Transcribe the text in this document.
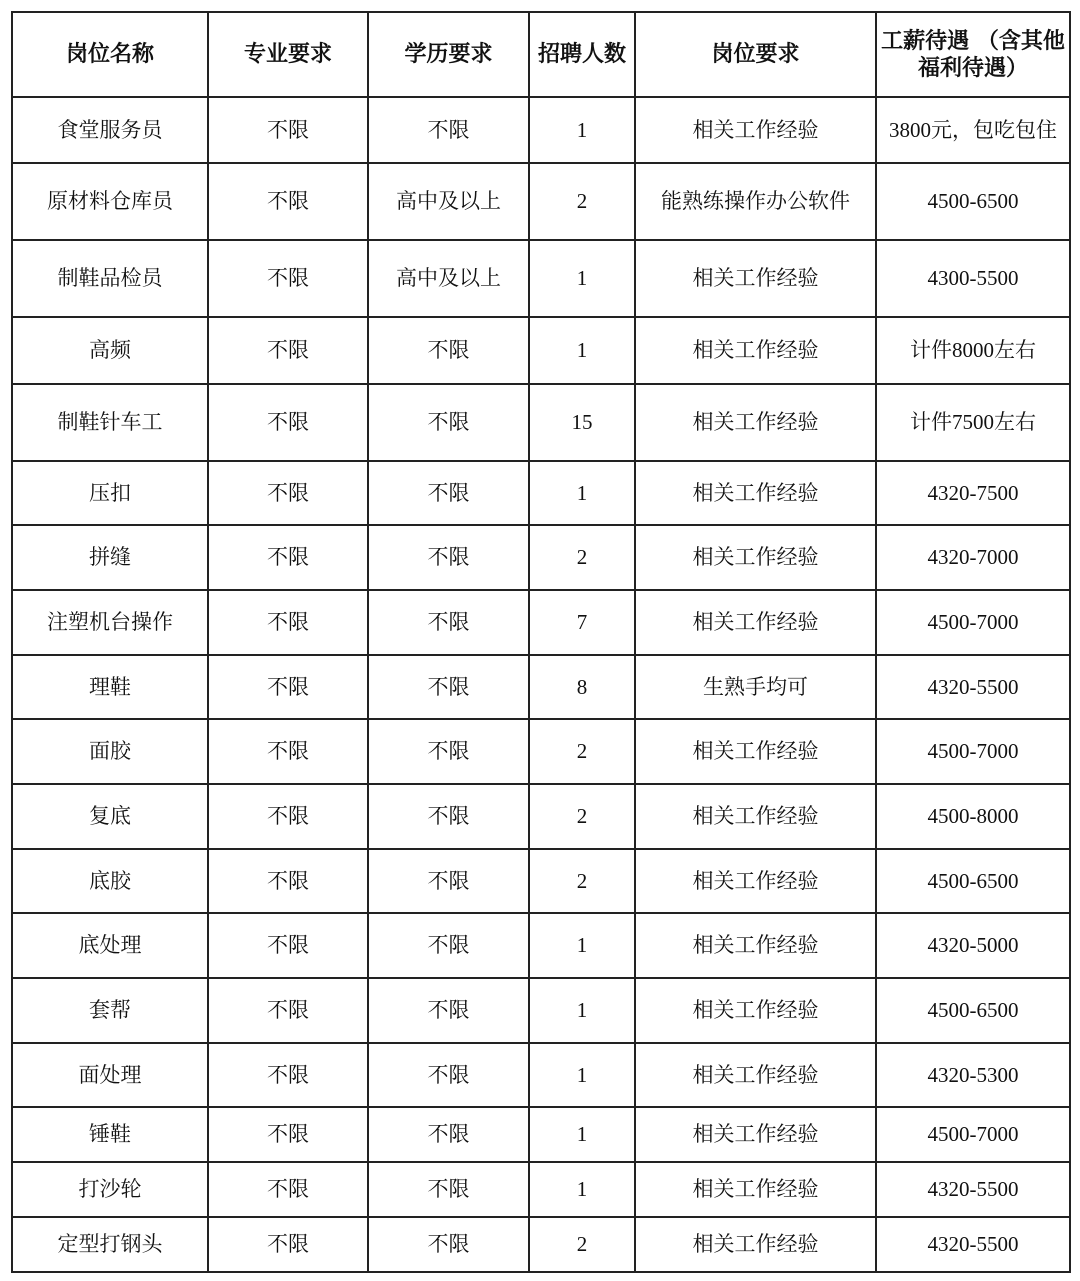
岗位名称	专业要求	学历要求	招聘人数	岗位要求	工薪待遇 （含其他福利待遇）
食堂服务员	不限	不限	1	相关工作经验	3800元，包吃包住
原材料仓库员	不限	高中及以上	2	能熟练操作办公软件	4500-6500
制鞋品检员	不限	高中及以上	1	相关工作经验	4300-5500
高频	不限	不限	1	相关工作经验	计件8000左右
制鞋针车工	不限	不限	15	相关工作经验	计件7500左右
压扣	不限	不限	1	相关工作经验	4320-7500
拼缝	不限	不限	2	相关工作经验	4320-7000
注塑机台操作	不限	不限	7	相关工作经验	4500-7000
理鞋	不限	不限	8	生熟手均可	4320-5500
面胶	不限	不限	2	相关工作经验	4500-7000
复底	不限	不限	2	相关工作经验	4500-8000
底胶	不限	不限	2	相关工作经验	4500-6500
底处理	不限	不限	1	相关工作经验	4320-5000
套帮	不限	不限	1	相关工作经验	4500-6500
面处理	不限	不限	1	相关工作经验	4320-5300
锤鞋	不限	不限	1	相关工作经验	4500-7000
打沙轮	不限	不限	1	相关工作经验	4320-5500
定型打钢头	不限	不限	2	相关工作经验	4320-5500
